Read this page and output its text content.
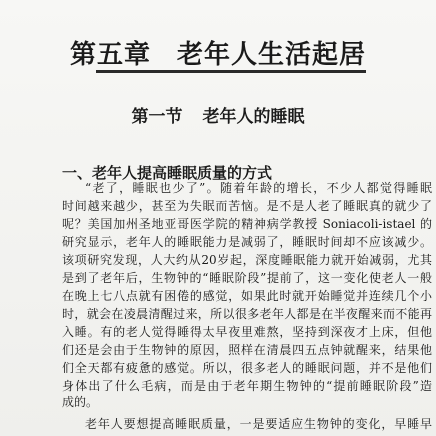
第五章 老年人生活起居
第一节 老年人的睡眠
一、老年人提高睡眠质量的方式
“老了，睡眠也少了”。随着年龄的增长，不少人都觉得睡眠
时间越来越少，甚至为失眠而苦恼。是不是人老了睡眠真的就少了
呢？美国加州圣地亚哥医学院的精神病学教授 Soniacoli-istael 的
研究显示，老年人的睡眠能力是减弱了，睡眠时间却不应该减少。
该项研究发现，人大约从20岁起，深度睡眠能力就开始减弱，尤其
是到了老年后，生物钟的“睡眠阶段”提前了，这一变化使老人一般
在晚上七八点就有困倦的感觉，如果此时就开始睡觉并连续几个小
时，就会在凌晨清醒过来，所以很多老年人都是在半夜醒来而不能再
入睡。有的老人觉得睡得太早夜里难熬，坚持到深夜才上床，但他
们还是会由于生物钟的原因，照样在清晨四五点钟就醒来，结果他
们全天都有疲惫的感觉。所以，很多老人的睡眠问题，并不是他们
身体出了什么毛病，而是由于老年期生物钟的“提前睡眠阶段”造
成的。
老年人要想提高睡眠质量，一是要适应生物钟的变化，早睡早
